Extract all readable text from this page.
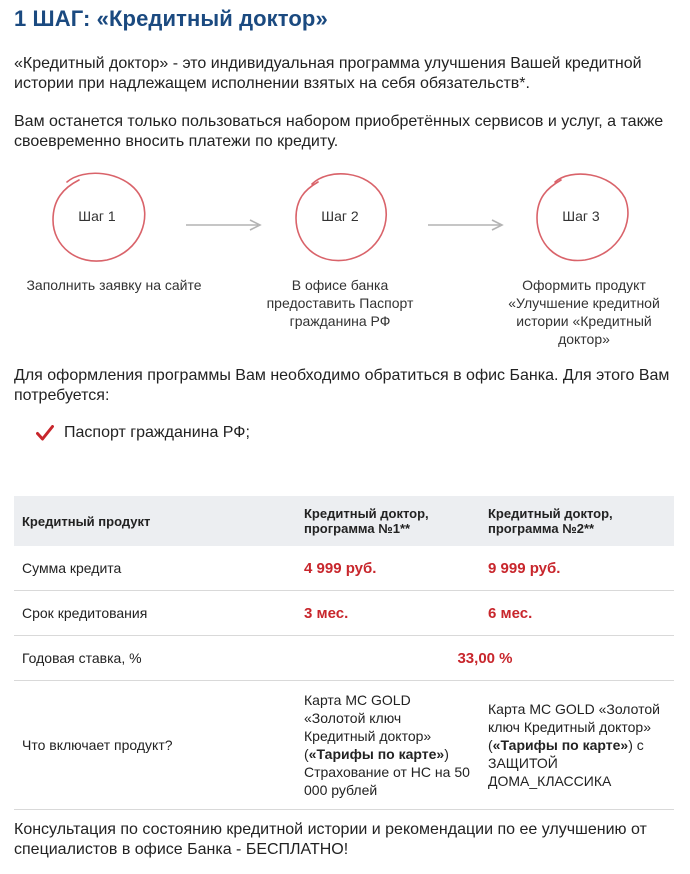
1 ШАГ: «Кредитный доктор»

«Кредитный доктор» - это индивидуальная программа улучшения Вашей кредитной истории при надлежащем исполнении взятых на себя обязательств*.

Вам останется только пользоваться набором приобретённых сервисов и услуг, а также своевременно вносить платежи по кредиту.

Шаг 1	Шаг 2	Шаг 3
Заполнить заявку на сайте	В офисе банка предоставить Паспорт гражданина РФ
Оформить продукт «Улучшение кредитной истории «Кредитный доктор»

Для оформления программы Вам необходимо обратиться в офис Банка. Для этого Вам потребуется:

Паспорт гражданина РФ;
Кредитный продукт	Кредитный доктор, программа №1**	Кредитный доктор, программа №2**
Сумма кредита	4 999 руб.	9 999 руб.
Срок кредитования	3 мес.	6 мес.
Годовая ставка, %	33,00 %	
Что включает продукт?	Карта MC GOLD «Золотой ключ Кредитный доктор» («Тарифы по карте») Страхование от НС на 50 000 рублей	Карта MC GOLD «Золотой ключ Кредитный доктор» («Тарифы по карте») с ЗАЩИТОЙ ДОМА_КЛАССИКА

Консультация по состоянию кредитной истории и рекомендации по ее улучшению от специалистов в офисе Банка - БЕСПЛАТНО!
